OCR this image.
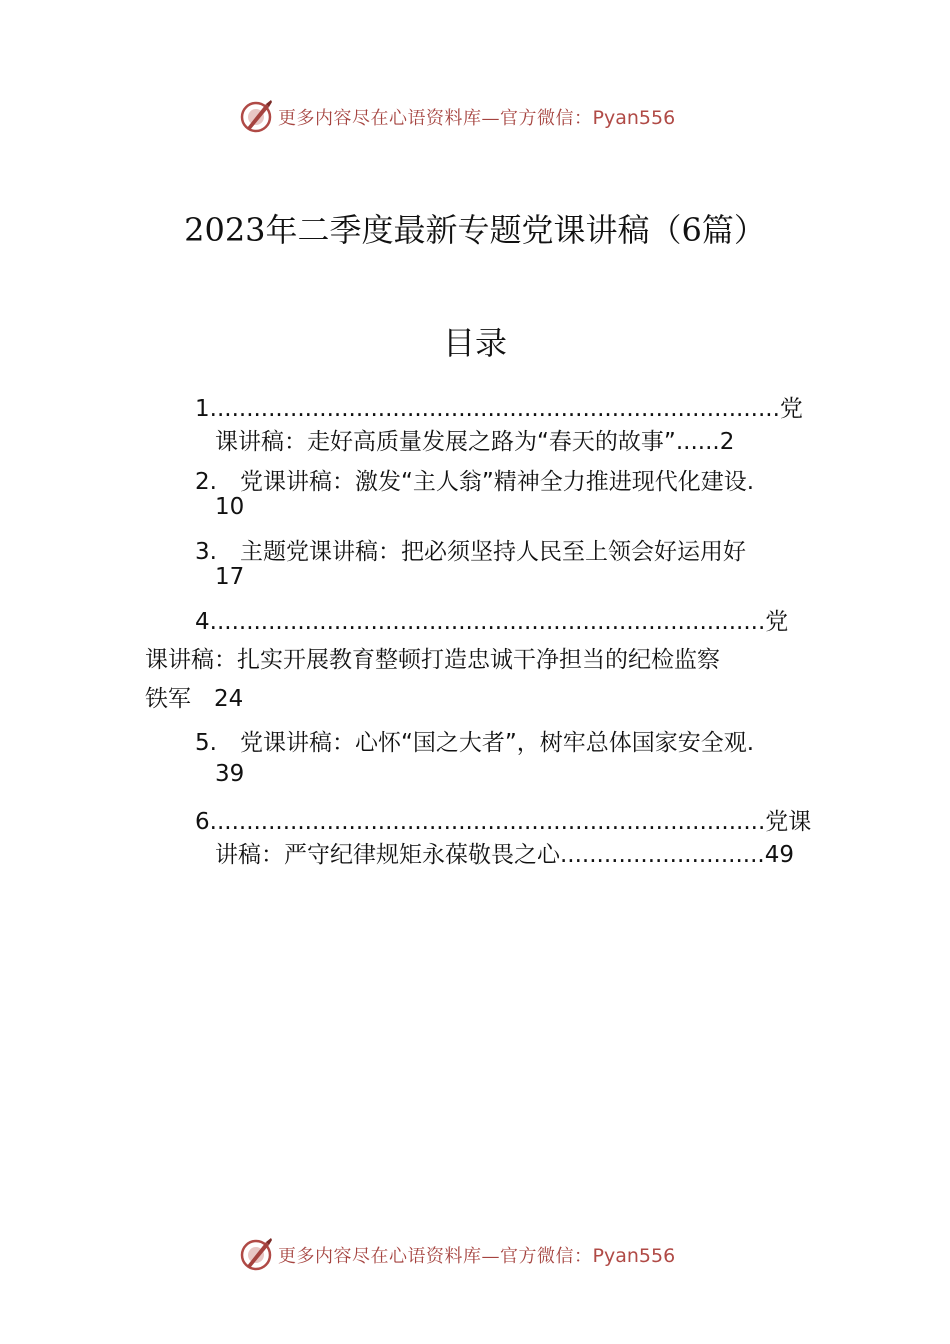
更多内容尽在心语资料库—官方微信：Pyan556
2023年二季度最新专题党课讲稿（6篇）
目录
1..............................................................................党
课讲稿：走好高质量发展之路为“春天的故事”......2
2.　党课讲稿：激发“主人翁”精神全力推进现代化建设.
10
3.　主题党课讲稿：把必须坚持人民至上领会好运用好
17
4............................................................................党
课讲稿：扎实开展教育整顿打造忠诚干净担当的纪检监察
铁军　24
5.　党课讲稿：心怀“国之大者”，树牢总体国家安全观.
39
6............................................................................党课
讲稿：严守纪律规矩永葆敬畏之心............................49
更多内容尽在心语资料库—官方微信：Pyan556
